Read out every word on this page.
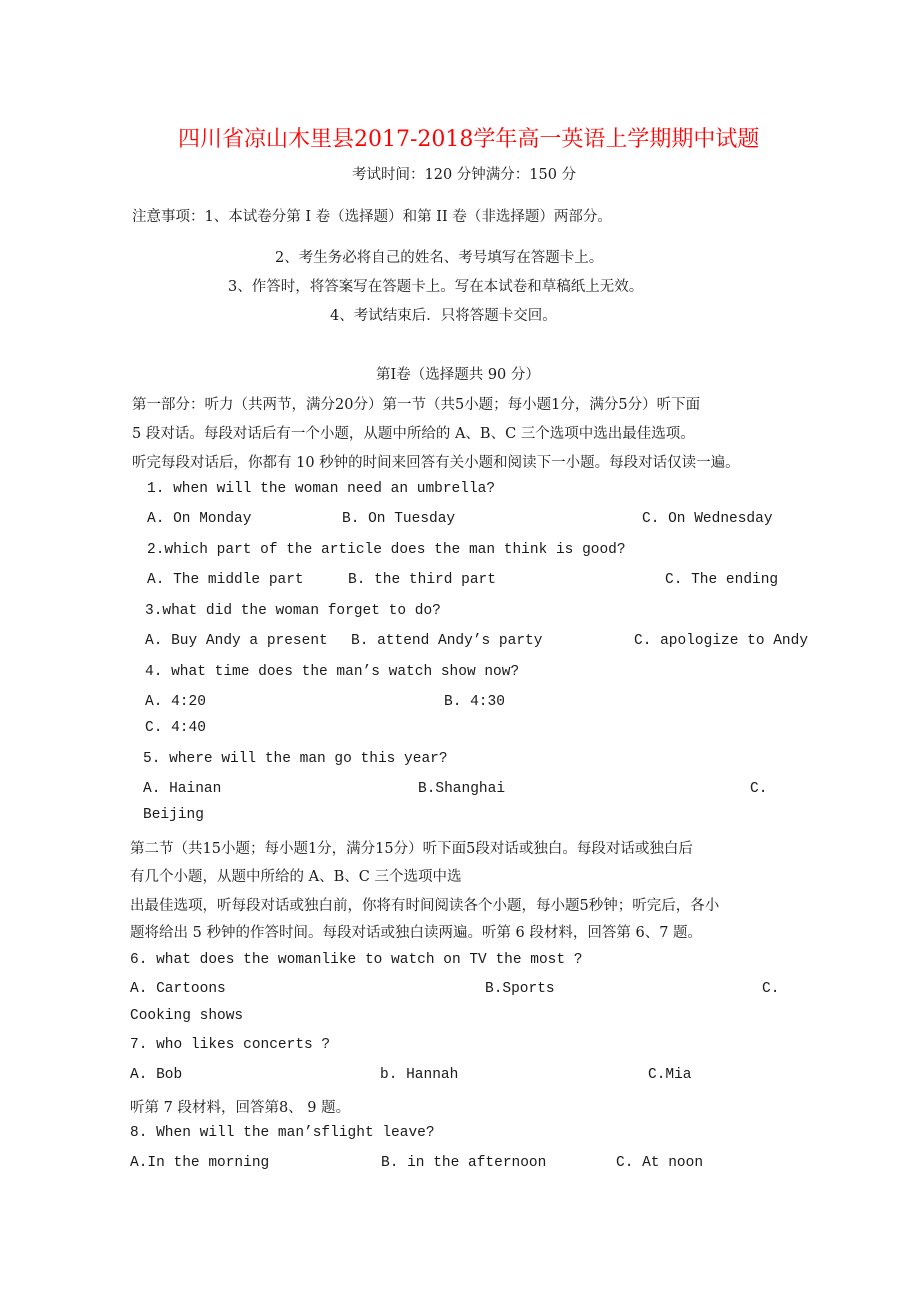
四川省凉山木里县2017-2018学年高一英语上学期期中试题
考试时间：120 分钟满分：150 分
注意事项：1、本试卷分第 I 卷（选择题）和第 II 卷（非选择题）两部分。
2、考生务必将自己的姓名、考号填写在答题卡上。
3、作答时，将答案写在答题卡上。写在本试卷和草稿纸上无效。
4、考试结束后．只将答题卡交回。
第Ⅰ卷（选择题共 90 分）
第一部分：听力（共两节，满分20分）第一节（共5小题；每小题1分，满分5分）听下面
5 段对话。每段对话后有一个小题，从题中所给的 A、B、C 三个选项中选出最佳选项。
听完每段对话后，你都有 10 秒钟的时间来回答有关小题和阅读下一小题。每段对话仅读一遍。
1. when will the woman need an umbrella?
A. On Monday	B. On Tuesday	C. On Wednesday
2.which part of the article does the man think is good?
A. The middle part	B. the third part	C. The ending
3.what did the woman forget to do?
A. Buy Andy a present B. attend Andy’s party	C. apologize to Andy
4. what time does the man’s watch show now?
A. 4:20	B. 4:30
C. 4:40
5. where will the man go this year?
A. Hainan	B.Shanghai	C.
Beijing
第二节（共15小题；每小题1分，满分15分）听下面5段对话或独白。每段对话或独白后
有几个小题，从题中所给的 A、B、C 三个选项中选
出最佳选项，听每段对话或独白前，你将有时间阅读各个小题，每小题5秒钟；听完后，各小
题将给出 5 秒钟的作答时间。每段对话或独白读两遍。听第 6 段材料，回答第 6、7 题。
6. what does the womanlike to watch on TV the most ?
A. Cartoons	B.Sports	C.
Cooking shows
7. who likes concerts ?
A. Bob	b. Hannah	C.Mia
听第 7 段材料，回答第8、 9 题。
8. When will the man’sflight leave?
A.In the morning	B. in the afternoon	C. At noon
